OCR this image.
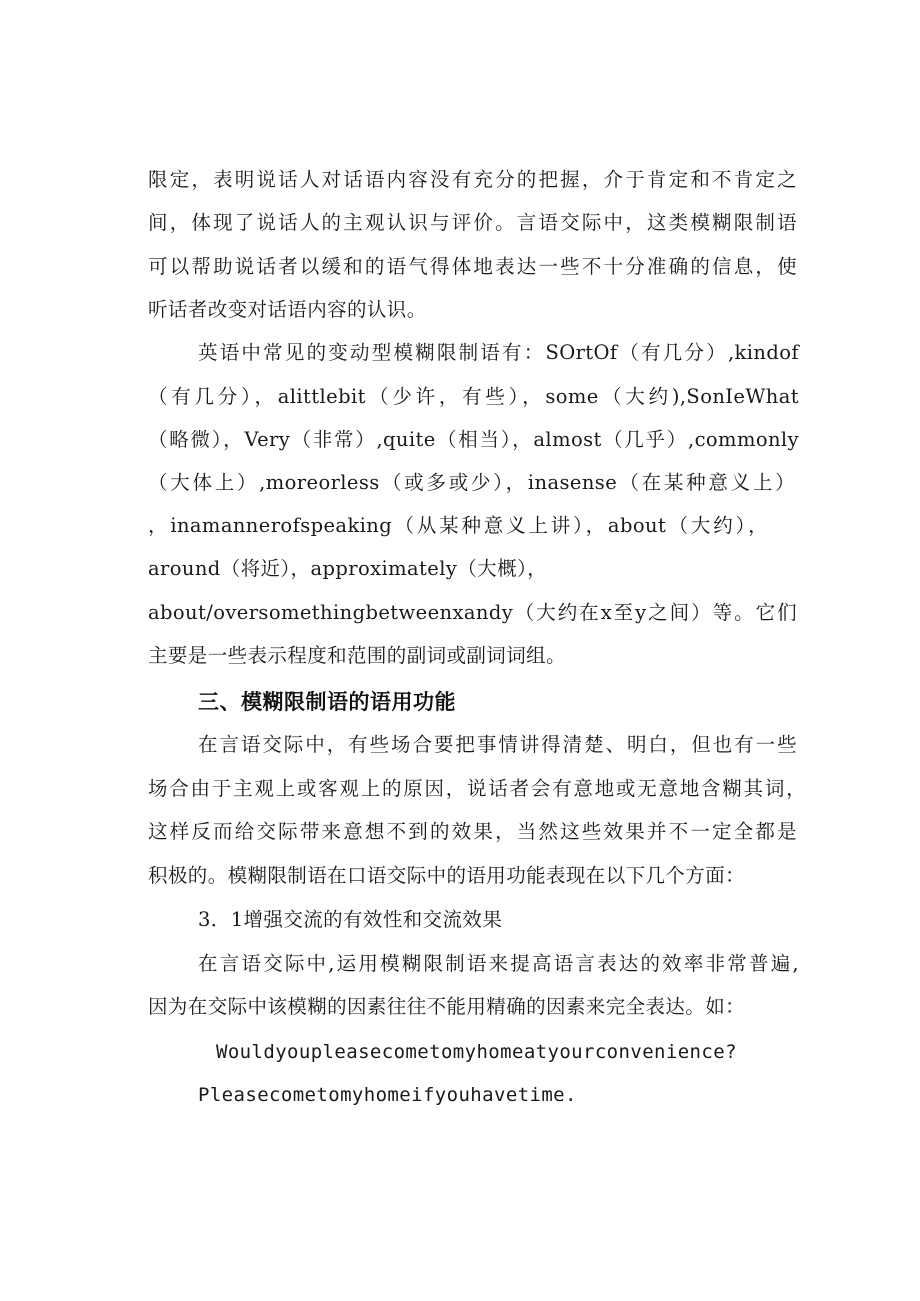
限定，表明说话人对话语内容没有充分的把握，介于肯定和不肯定之
间，体现了说话人的主观认识与评价。言语交际中，这类模糊限制语
可以帮助说话者以缓和的语气得体地表达一些不十分准确的信息，使
听话者改变对话语内容的认识。
英语中常见的变动型模糊限制语有：SOrtOf（有几分）,kindof
（有几分），alittlebit（少许，有些），some（大约),SonIeWhat
（略微），Very（非常）,quite（相当），almost（几乎）,commonly
（大体上）,moreorless（或多或少），inasense（在某种意义上）
，inamannerofspeaking（从某种意义上讲），about（大约），
around（将近），approximately（大概），
about/oversomethingbetweenxandy（大约在x至y之间）等。它们
主要是一些表示程度和范围的副词或副词词组。
三、模糊限制语的语用功能
在言语交际中，有些场合要把事情讲得清楚、明白，但也有一些
场合由于主观上或客观上的原因，说话者会有意地或无意地含糊其词，
这样反而给交际带来意想不到的效果，当然这些效果并不一定全都是
积极的。模糊限制语在口语交际中的语用功能表现在以下几个方面：
3．1增强交流的有效性和交流效果
在言语交际中,运用模糊限制语来提高语言表达的效率非常普遍,
因为在交际中该模糊的因素往往不能用精确的因素来完全表达。如：
Wouldyoupleasecometomyhomeatyourconvenience?
Pleasecometomyhomeifyouhavetime.
